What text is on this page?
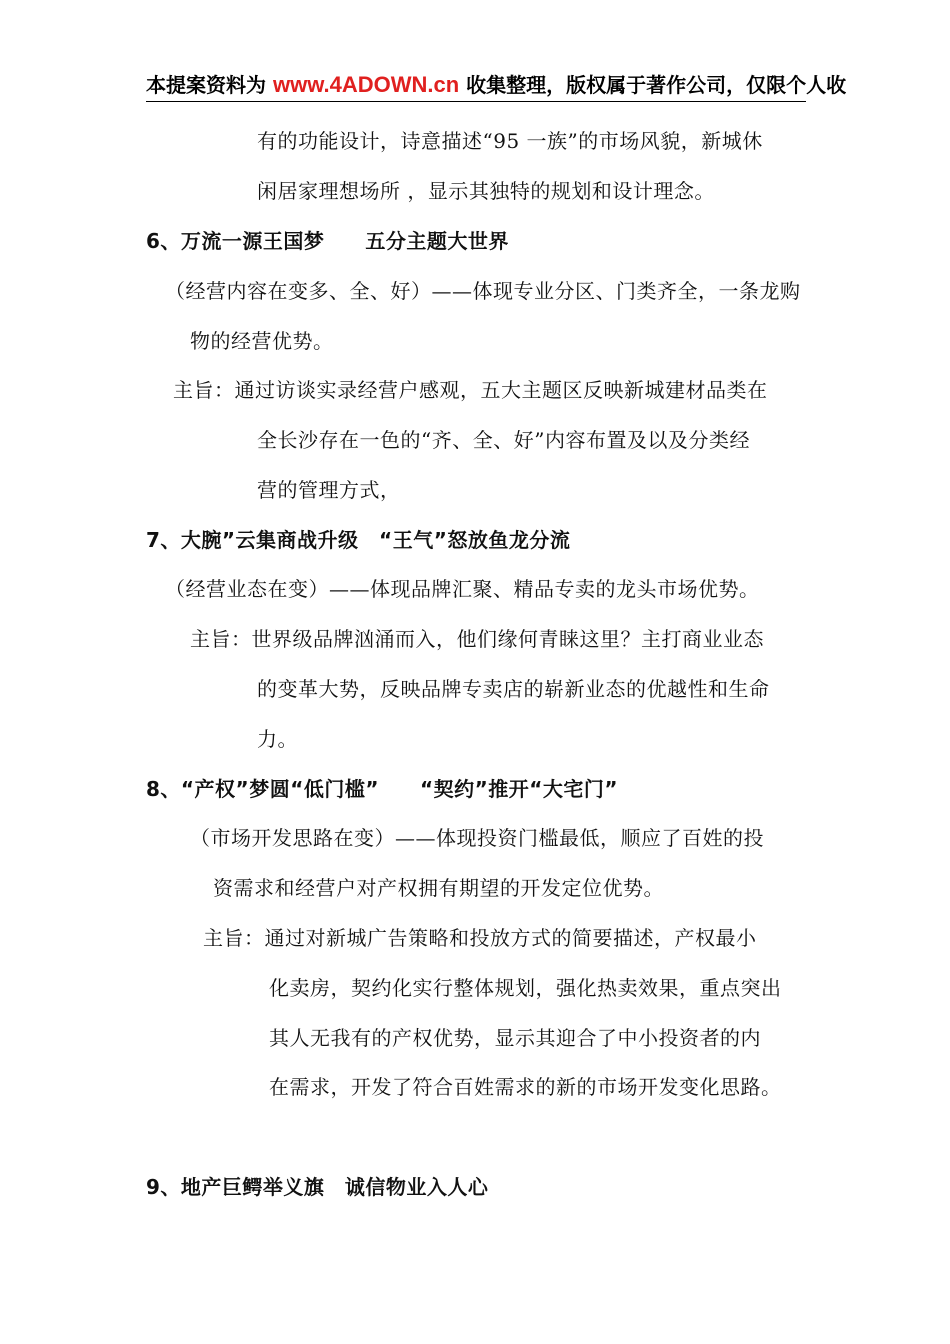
本提案资料为 www.4ADOWN.cn 收集整理，版权属于著作公司，仅限个人收
有的功能设计，诗意描述“95 一族”的市场风貌，新城休
闲居家理想场所 ，显示其独特的规划和设计理念。
6、万流一源王国梦　　五分主题大世界
（经营内容在变多、全、好）——体现专业分区、门类齐全，一条龙购
物的经营优势。
主旨：通过访谈实录经营户感观，五大主题区反映新城建材品类在
全长沙存在一色的“齐、全、好”内容布置及以及分类经
营的管理方式，
7、大腕”云集商战升级　“王气”怒放鱼龙分流
（经营业态在变）——体现品牌汇聚、精品专卖的龙头市场优势。
主旨：世界级品牌汹涌而入，他们缘何青睐这里？主打商业业态
的变革大势，反映品牌专卖店的崭新业态的优越性和生命
力。
8、“产权”梦圆“低门槛”　　“契约”推开“大宅门”
（市场开发思路在变）——体现投资门槛最低，顺应了百姓的投
资需求和经营户对产权拥有期望的开发定位优势。
主旨：通过对新城广告策略和投放方式的简要描述，产权最小
化卖房，契约化实行整体规划，强化热卖效果，重点突出
其人无我有的产权优势，显示其迎合了中小投资者的内
在需求，开发了符合百姓需求的新的市场开发变化思路。
9、地产巨鳄举义旗　诚信物业入人心
